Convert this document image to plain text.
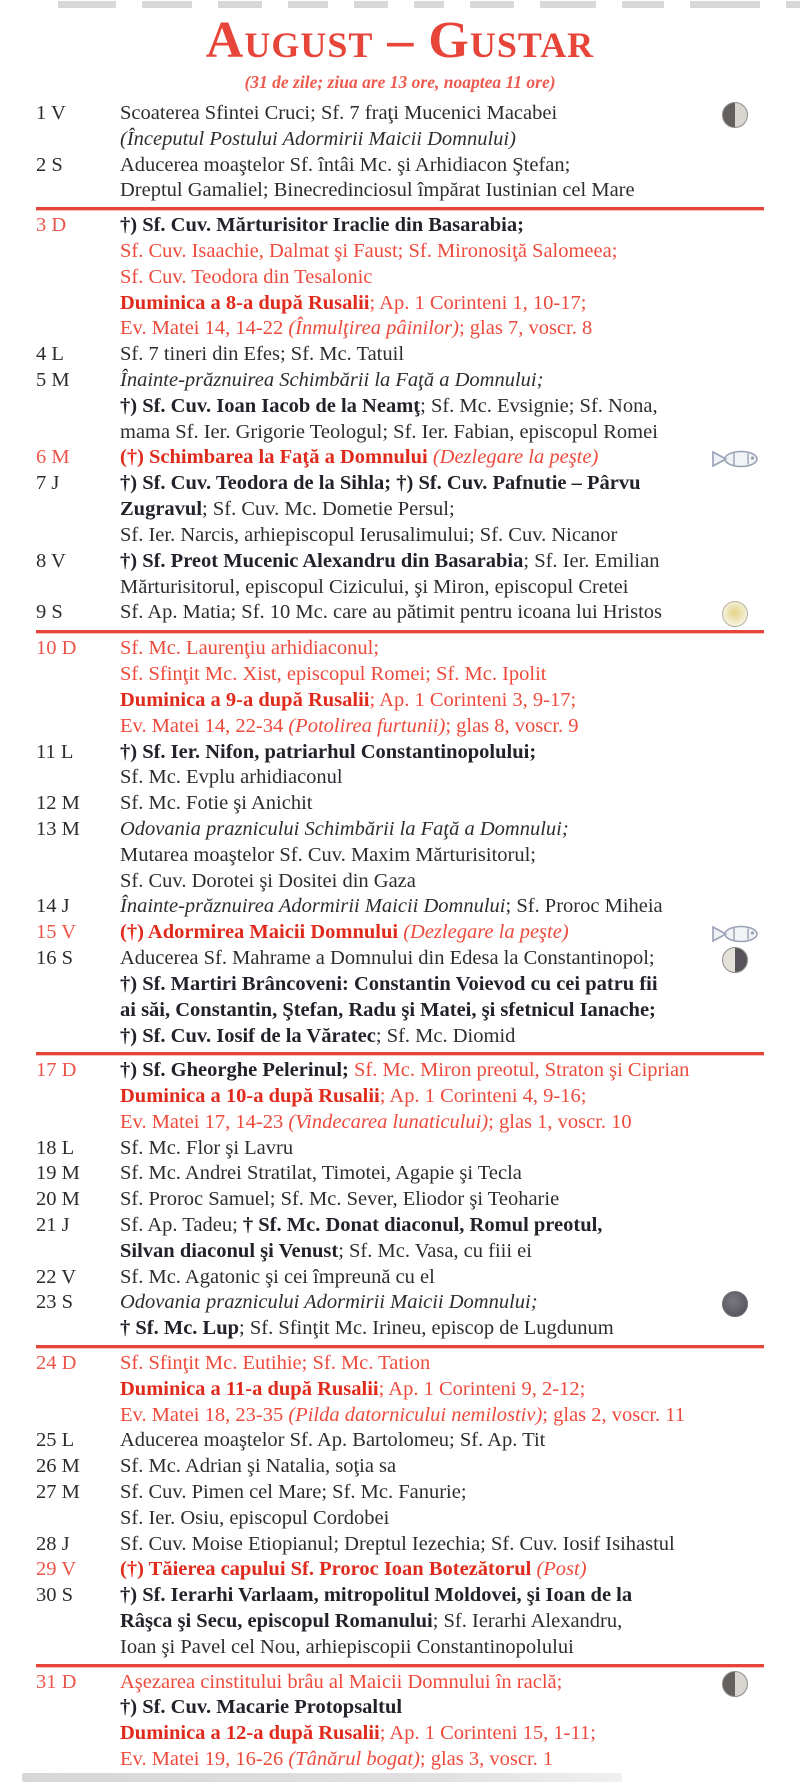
August – Gustar
(31 de zile; ziua are 13 ore, noaptea 11 ore)
1 V	Scoaterea Sfintei Cruci; Sf. 7 fraţi Mucenici Macabei
(Începutul Postului Adormirii Maicii Domnului)
2 S	Aducerea moaştelor Sf. întâi Mc. şi Arhidiacon Ştefan;
Dreptul Gamaliel; Binecredinciosul împărat Iustinian cel Mare
3 D	†) Sf. Cuv. Mărturisitor Iraclie din Basarabia;
Sf. Cuv. Isaachie, Dalmat şi Faust; Sf. Mironosiţă Salomeea;
Sf. Cuv. Teodora din Tesalonic
Duminica a 8-a după Rusalii; Ap. 1 Corinteni 1, 10-17;
Ev. Matei 14, 14-22 (Înmulţirea pâinilor); glas 7, voscr. 8
4 L	Sf. 7 tineri din Efes; Sf. Mc. Tatuil
5 M	Înainte-prăznuirea Schimbării la Faţă a Domnului;
†) Sf. Cuv. Ioan Iacob de la Neamţ; Sf. Mc. Evsignie; Sf. Nona,
mama Sf. Ier. Grigorie Teologul; Sf. Ier. Fabian, episcopul Romei
6 M	(†) Schimbarea la Faţă a Domnului (Dezlegare la peşte)
7 J	†) Sf. Cuv. Teodora de la Sihla; †) Sf. Cuv. Pafnutie – Pârvu
Zugravul; Sf. Cuv. Mc. Dometie Persul;
Sf. Ier. Narcis, arhiepiscopul Ierusalimului; Sf. Cuv. Nicanor
8 V	†) Sf. Preot Mucenic Alexandru din Basarabia; Sf. Ier. Emilian
Mărturisitorul, episcopul Cizicului, şi Miron, episcopul Cretei
9 S	Sf. Ap. Matia; Sf. 10 Mc. care au pătimit pentru icoana lui Hristos
10 D	Sf. Mc. Laurenţiu arhidiaconul;
Sf. Sfinţit Mc. Xist, episcopul Romei; Sf. Mc. Ipolit
Duminica a 9-a după Rusalii; Ap. 1 Corinteni 3, 9-17;
Ev. Matei 14, 22-34 (Potolirea furtunii); glas 8, voscr. 9
11 L	†) Sf. Ier. Nifon, patriarhul Constantinopolului;
Sf. Mc. Evplu arhidiaconul
12 M	Sf. Mc. Fotie şi Anichit
13 M	Odovania praznicului Schimbării la Faţă a Domnului;
Mutarea moaştelor Sf. Cuv. Maxim Mărturisitorul;
Sf. Cuv. Dorotei şi Dositei din Gaza
14 J	Înainte-prăznuirea Adormirii Maicii Domnului; Sf. Proroc Miheia
15 V	(†) Adormirea Maicii Domnului (Dezlegare la peşte)
16 S	Aducerea Sf. Mahrame a Domnului din Edesa la Constantinopol;
†) Sf. Martiri Brâncoveni: Constantin Voievod cu cei patru fii
ai săi, Constantin, Ştefan, Radu şi Matei, şi sfetnicul Ianache;
†) Sf. Cuv. Iosif de la Văratec; Sf. Mc. Diomid
17 D	†) Sf. Gheorghe Pelerinul; Sf. Mc. Miron preotul, Straton şi Ciprian
Duminica a 10-a după Rusalii; Ap. 1 Corinteni 4, 9-16;
Ev. Matei 17, 14-23 (Vindecarea lunaticului); glas 1, voscr. 10
18 L	Sf. Mc. Flor şi Lavru
19 M	Sf. Mc. Andrei Stratilat, Timotei, Agapie şi Tecla
20 M	Sf. Proroc Samuel; Sf. Mc. Sever, Eliodor şi Teoharie
21 J	Sf. Ap. Tadeu; † Sf. Mc. Donat diaconul, Romul preotul,
Silvan diaconul şi Venust; Sf. Mc. Vasa, cu fiii ei
22 V	Sf. Mc. Agatonic şi cei împreună cu el
23 S	Odovania praznicului Adormirii Maicii Domnului;
† Sf. Mc. Lup; Sf. Sfinţit Mc. Irineu, episcop de Lugdunum
24 D	Sf. Sfinţit Mc. Eutihie; Sf. Mc. Tation
Duminica a 11-a după Rusalii; Ap. 1 Corinteni 9, 2-12;
Ev. Matei 18, 23-35 (Pilda datornicului nemilostiv); glas 2, voscr. 11
25 L	Aducerea moaştelor Sf. Ap. Bartolomeu; Sf. Ap. Tit
26 M	Sf. Mc. Adrian şi Natalia, soţia sa
27 M	Sf. Cuv. Pimen cel Mare; Sf. Mc. Fanurie;
Sf. Ier. Osiu, episcopul Cordobei
28 J	Sf. Cuv. Moise Etiopianul; Dreptul Iezechia; Sf. Cuv. Iosif Isihastul
29 V	(†) Tăierea capului Sf. Proroc Ioan Botezătorul (Post)
30 S	†) Sf. Ierarhi Varlaam, mitropolitul Moldovei, şi Ioan de la
Râşca şi Secu, episcopul Romanului; Sf. Ierarhi Alexandru,
Ioan şi Pavel cel Nou, arhiepiscopii Constantinopolului
31 D	Aşezarea cinstitului brâu al Maicii Domnului în raclă;
†) Sf. Cuv. Macarie Protopsaltul
Duminica a 12-a după Rusalii; Ap. 1 Corinteni 15, 1-11;
Ev. Matei 19, 16-26 (Tânărul bogat); glas 3, voscr. 1
